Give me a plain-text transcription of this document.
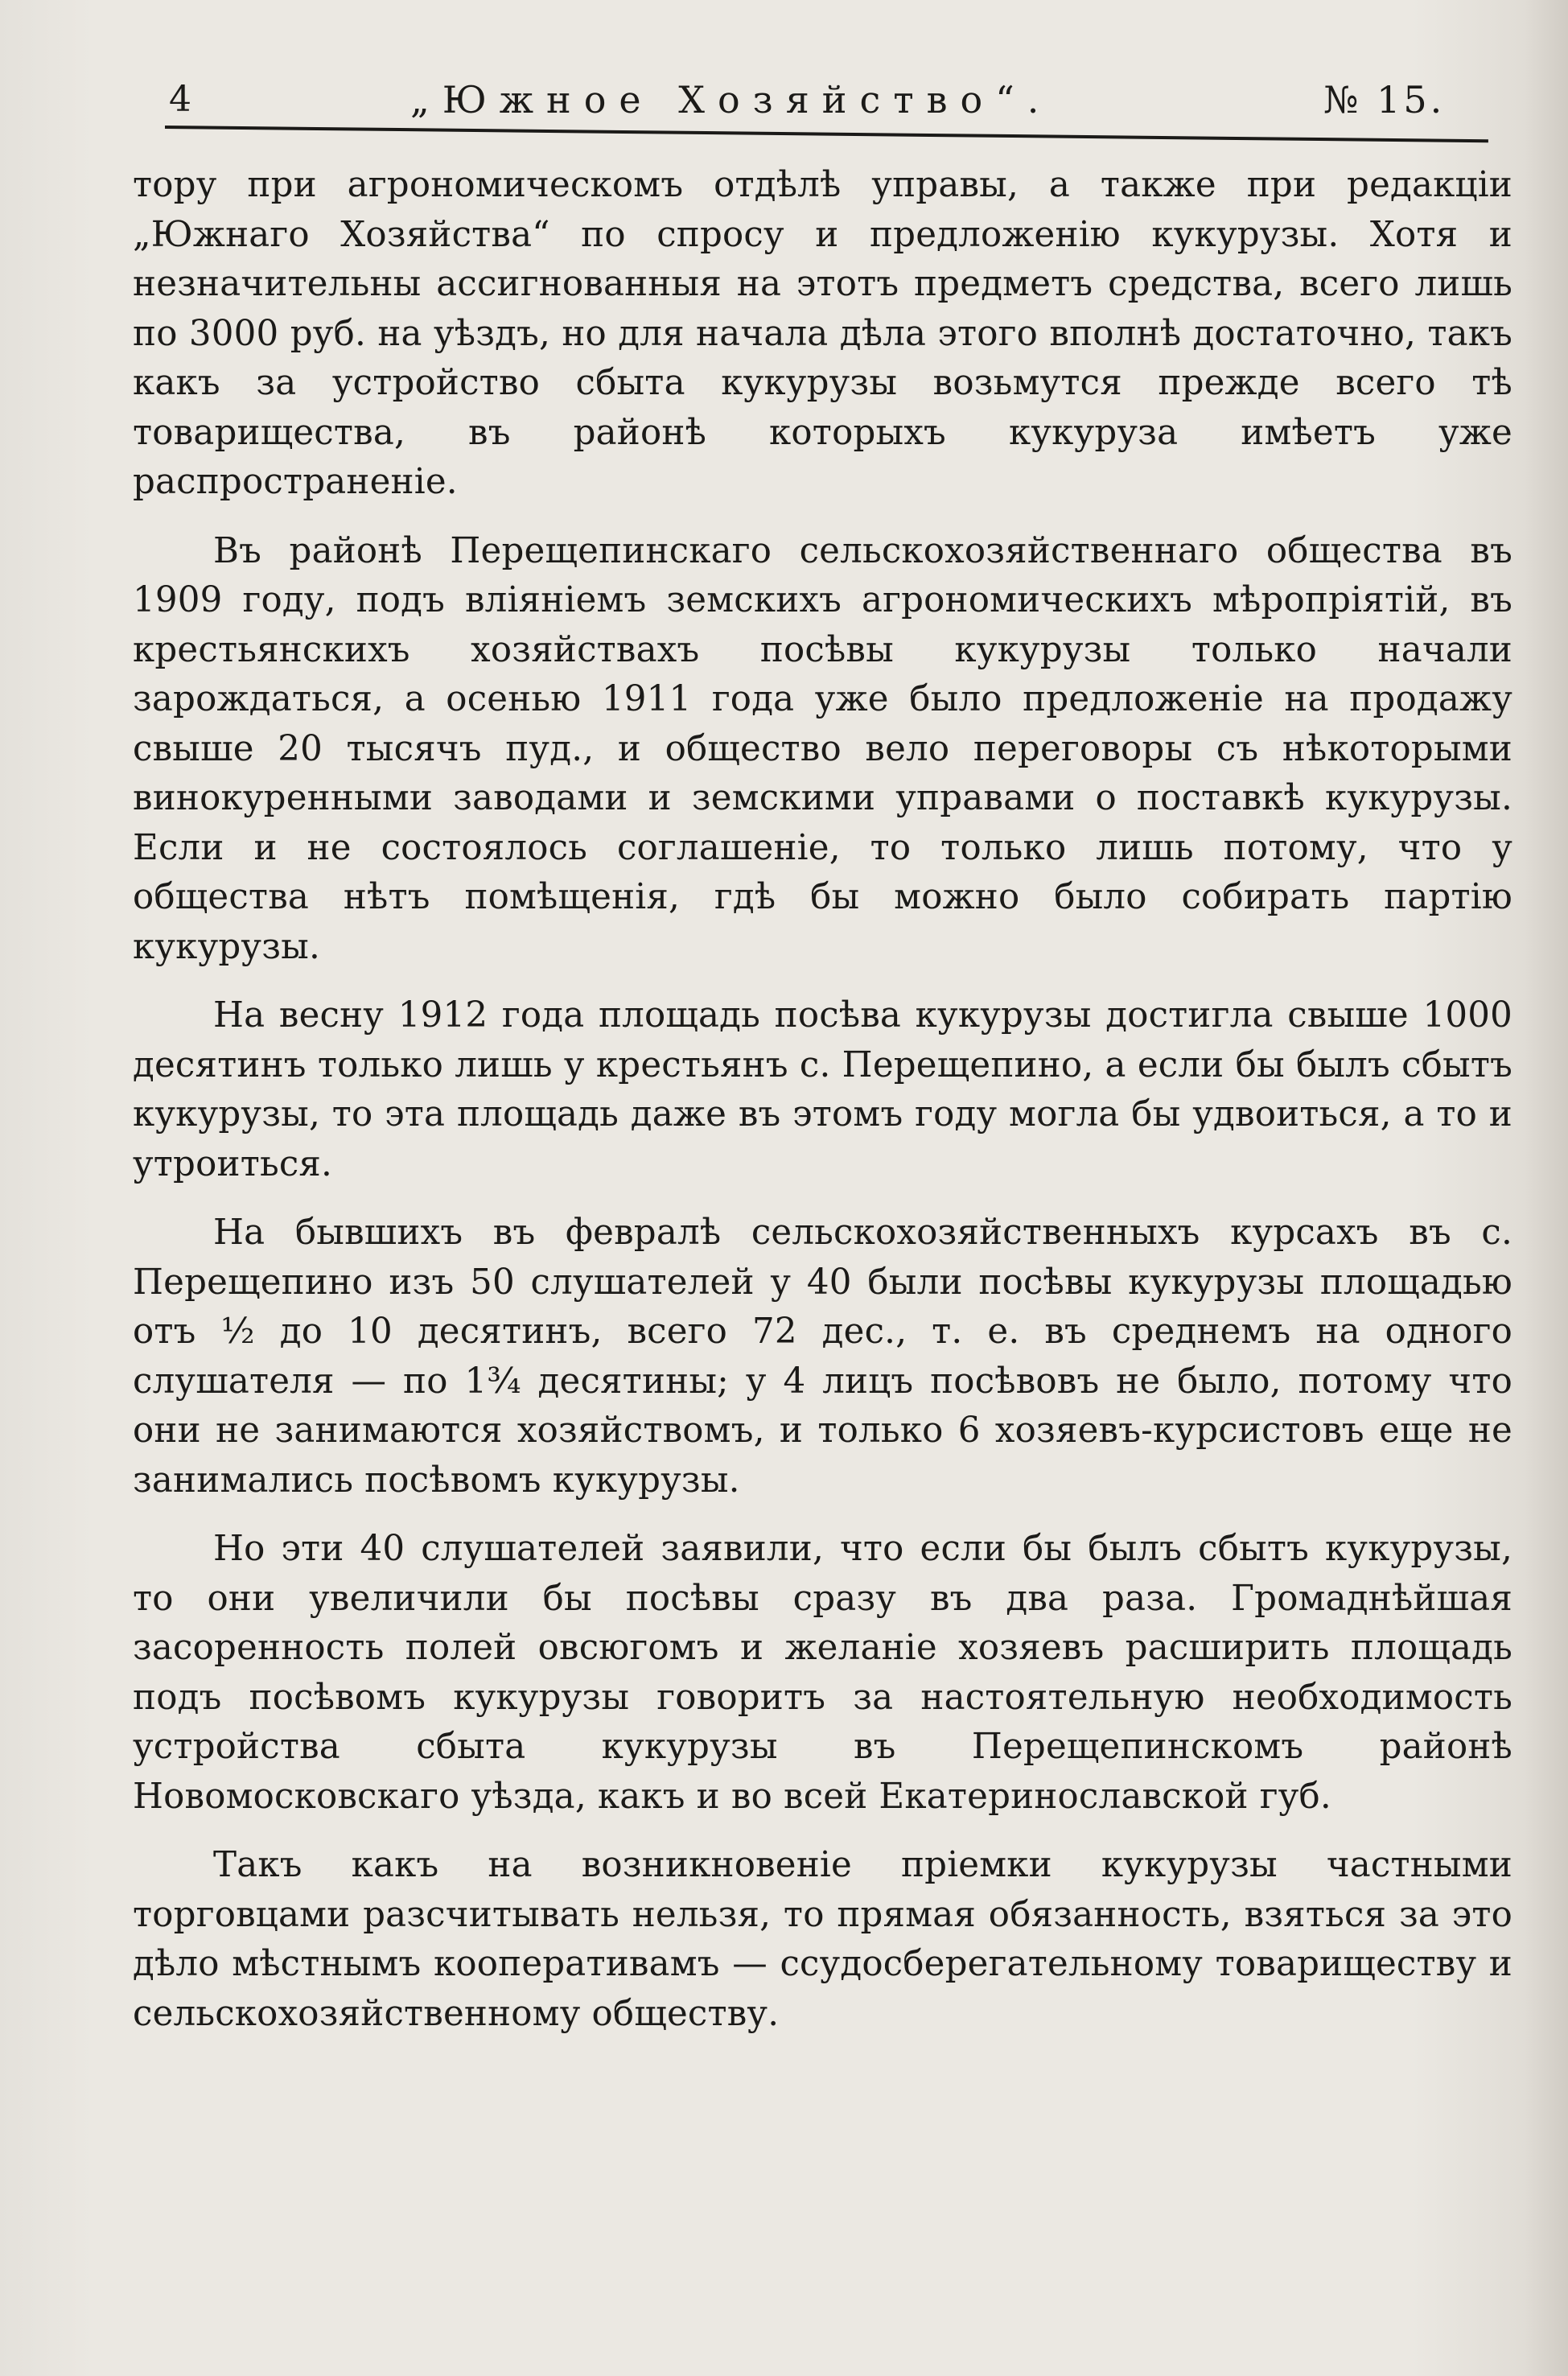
4	„Южное Хозяйство“.	№ 15.

тору при агрономическомъ отдѣлѣ управы, а также при редакціи „Южнаго Хозяйства“ по спросу и предложенію кукурузы. Хотя и незначительны ассигнованныя на этотъ предметъ средства, всего лишь по 3000 руб. на уѣздъ, но для начала дѣла этого вполнѣ достаточно, такъ какъ за устройство сбыта кукурузы возьмутся прежде всего тѣ товарищества, въ районѣ которыхъ кукуруза имѣетъ уже распространеніе.

Въ районѣ Перещепинскаго сельскохозяйственнаго общества въ 1909 году, подъ вліяніемъ земскихъ агрономическихъ мѣропріятій, въ крестьянскихъ хозяйствахъ посѣвы кукурузы только начали зарождаться, а осенью 1911 года уже было предложеніе на продажу свыше 20 тысячъ пуд., и общество вело переговоры съ нѣкоторыми винокуренными заводами и земскими управами о поставкѣ кукурузы. Если и не состоялось соглашеніе, то только лишь потому, что у общества нѣтъ помѣщенія, гдѣ бы можно было собирать партію кукурузы.

На весну 1912 года площадь посѣва кукурузы достигла свыше 1000 десятинъ только лишь у крестьянъ с. Перещепино, а если бы былъ сбытъ кукурузы, то эта площадь даже въ этомъ году могла бы удвоиться, а то и утроиться.

На бывшихъ въ февралѣ сельскохозяйственныхъ курсахъ въ с. Перещепино изъ 50 слушателей у 40 были посѣвы кукурузы площадью отъ ½ до 10 десятинъ, всего 72 дес., т. е. въ среднемъ на одного слушателя — по 1¾ десятины; у 4 лицъ посѣвовъ не было, потому что они не занимаются хозяйствомъ, и только 6 хозяевъ-курсистовъ еще не занимались посѣвомъ кукурузы.

Но эти 40 слушателей заявили, что если бы былъ сбытъ кукурузы, то они увеличили бы посѣвы сразу въ два раза. Громаднѣйшая засоренность полей овсюгомъ и желаніе хозяевъ расширить площадь подъ посѣвомъ кукурузы говоритъ за настоятельную необходимость устройства сбыта кукурузы въ Перещепинскомъ районѣ Новомосковскаго уѣзда, какъ и во всей Екатеринославской губ.

Такъ какъ на возникновеніе пріемки кукурузы частными торговцами разсчитывать нельзя, то прямая обязанность, взяться за это дѣло мѣстнымъ кооперативамъ — ссудосберегательному товариществу и сельскохозяйственному обществу.
